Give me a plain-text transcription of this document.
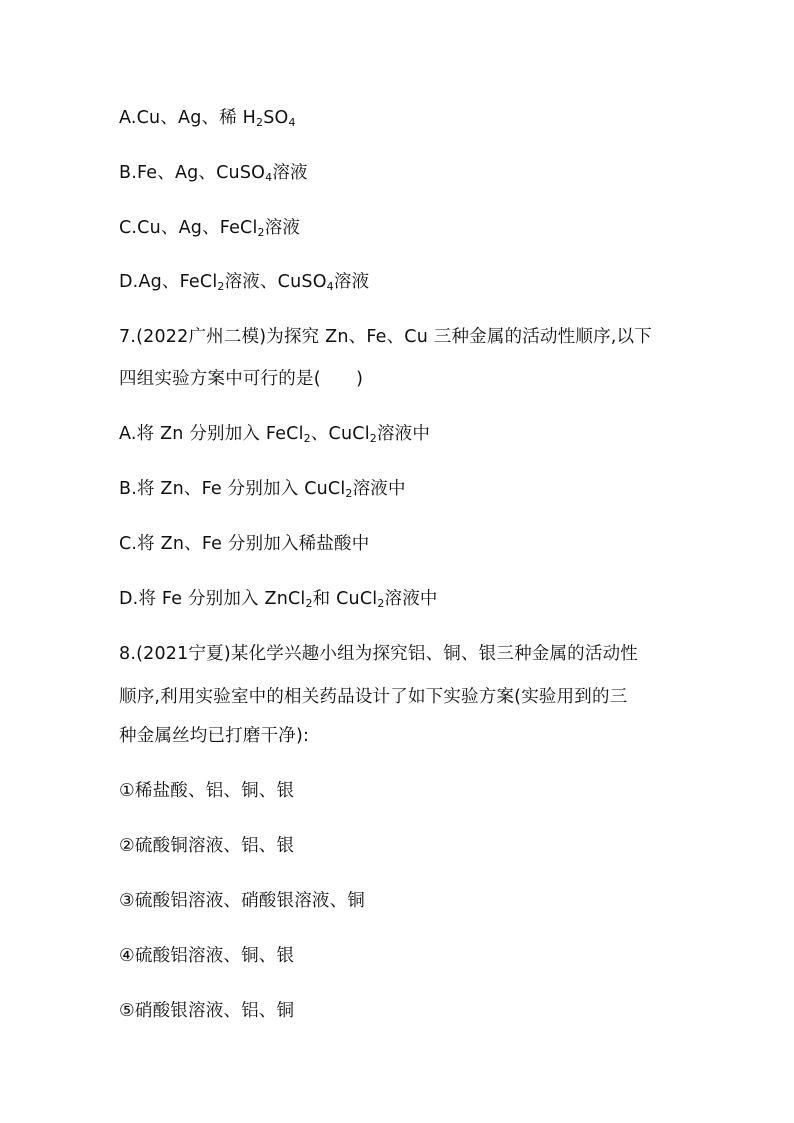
A.Cu、Ag、稀 $H_2SO_4$
B.Fe、Ag、CuSO$_4$溶液
C.Cu、Ag、FeCl$_2$溶液
D.Ag、FeCl$_2$溶液、CuSO$_4$溶液
7.(2022广州二模)为探究 Zn、Fe、Cu 三种金属的活动性顺序,以下
四组实验方案中可行的是(　　)
A.将 Zn 分别加入 FeCl$_2$、CuCl$_2$溶液中
B.将 Zn、Fe 分别加入 CuCl$_2$溶液中
C.将 Zn、Fe 分别加入稀盐酸中
D.将 Fe 分别加入 ZnCl$_2$和 CuCl$_2$溶液中
8.(2021宁夏)某化学兴趣小组为探究铝、铜、银三种金属的活动性
顺序,利用实验室中的相关药品设计了如下实验方案(实验用到的三
种金属丝均已打磨干净):
①稀盐酸、铝、铜、银
②硫酸铜溶液、铝、银
③硫酸铝溶液、硝酸银溶液、铜
④硫酸铝溶液、铜、银
⑤硝酸银溶液、铝、铜
